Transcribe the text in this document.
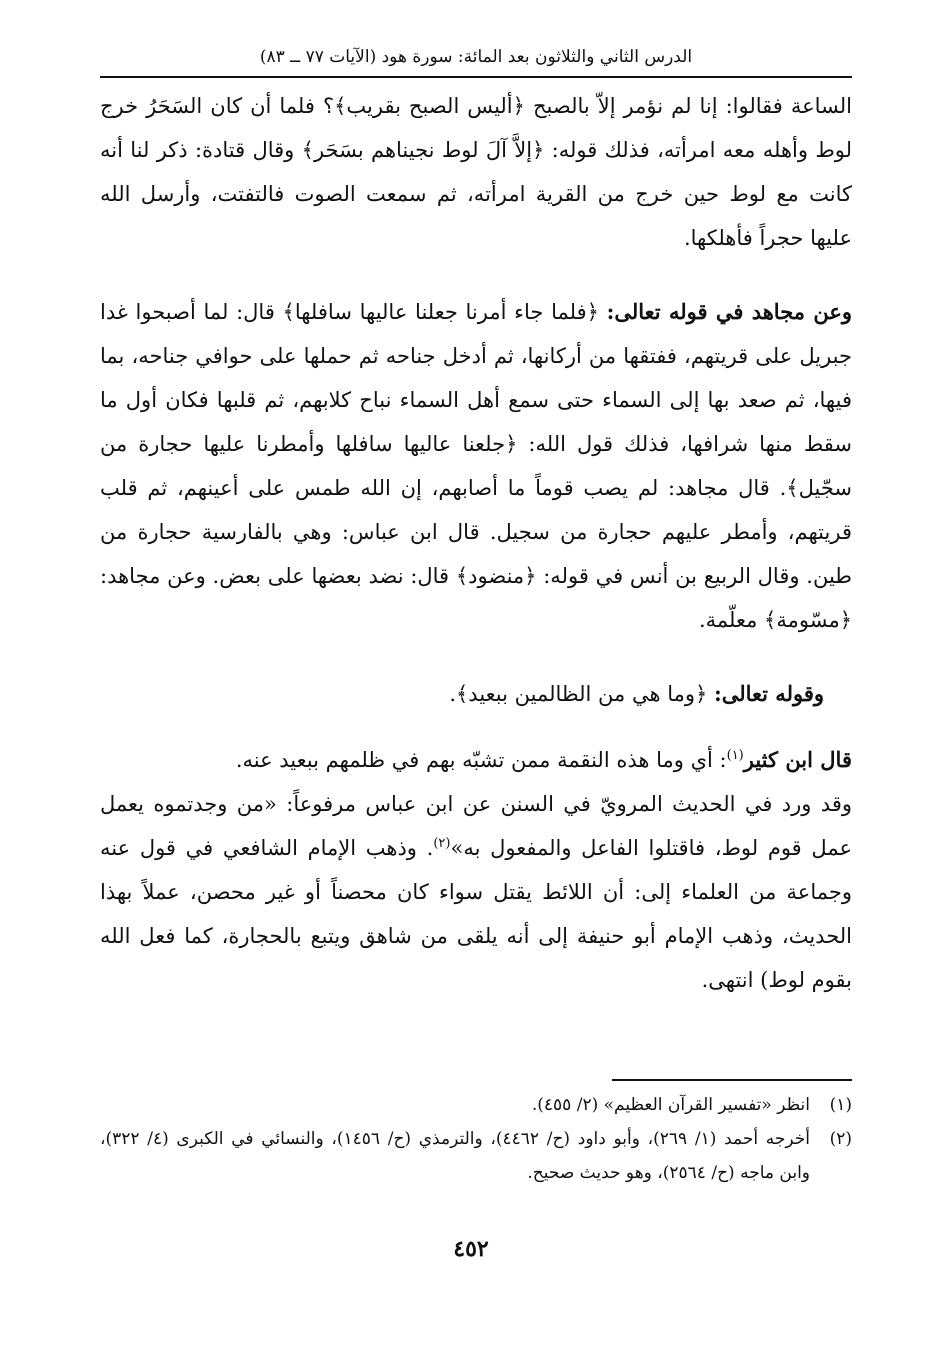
الدرس الثاني والثلاثون بعد المائة: سورة هود (الآيات ٧٧ ــ ٨٣)

الساعة فقالوا: إنا لم نؤمر إلاّ بالصبح ﴿أليس الصبح بقريب﴾؟ فلما أن كان السَحَرُ خرج لوط وأهله معه امرأته، فذلك قوله: ﴿إلاَّ آلَ لوط نجيناهم بسَحَر﴾ وقال قتادة: ذكر لنا أنه كانت مع لوط حين خرج من القرية امرأته، ثم سمعت الصوت فالتفتت، وأرسل الله عليها حجراً فأهلكها.

وعن مجاهد في قوله تعالى: ﴿فلما جاء أمرنا جعلنا عاليها سافلها﴾ قال: لما أصبحوا غدا جبريل على قريتهم، ففتقها من أركانها، ثم أدخل جناحه ثم حملها على حوافي جناحه، بما فيها، ثم صعد بها إلى السماء حتى سمع أهل السماء نباح كلابهم، ثم قلبها فكان أول ما سقط منها شرافها، فذلك قول الله: ﴿جلعنا عاليها سافلها وأمطرنا عليها حجارة من سجّيل﴾. قال مجاهد: لم يصب قوماً ما أصابهم، إن الله طمس على أعينهم، ثم قلب قريتهم، وأمطر عليهم حجارة من سجيل. قال ابن عباس: وهي بالفارسية حجارة من طين. وقال الربيع بن أنس في قوله: ﴿منضود﴾ قال: نضد بعضها على بعض. وعن مجاهد: ﴿مسّومة﴾ معلّمة.

وقوله تعالى: ﴿وما هي من الظالمين ببعيد﴾.

قال ابن كثير$^{(١)}$: أي وما هذه النقمة ممن تشبّه بهم في ظلمهم ببعيد عنه.

وقد ورد في الحديث المرويّ في السنن عن ابن عباس مرفوعاً: «من وجدتموه يعمل عمل قوم لوط، فاقتلوا الفاعل والمفعول به»$^{(٢)}$. وذهب الإمام الشافعي في قول عنه وجماعة من العلماء إلى: أن اللائط يقتل سواء كان محصناً أو غير محصن، عملاً بهذا الحديث، وذهب الإمام أبو حنيفة إلى أنه يلقى من شاهق ويتبع بالحجارة، كما فعل الله بقوم لوط) انتهى.

(١)
انظر «تفسير القرآن العظيم» (٢/ ٤٥٥).

(٢)
أخرجه أحمد (١/ ٢٦٩)، وأبو داود (ح/ ٤٤٦٢)، والترمذي (ح/ ١٤٥٦)، والنسائي في الكبرى (٤/ ٣٢٢)، وابن ماجه (ح/ ٢٥٦٤)، وهو حديث صحيح.

٤٥٢
